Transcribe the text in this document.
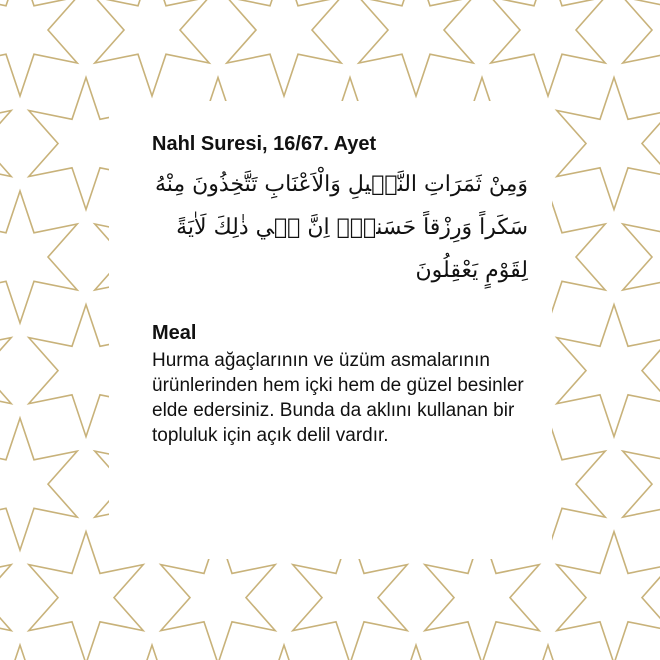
Nahl Suresi, 16/67. Ayet

وَمِنْ ثَمَرَاتِ النَّخ۪يلِ وَالْاَعْنَابِ تَتَّخِذُونَ مِنْهُ سَكَراً وَرِزْقاً حَسَناًۜ اِنَّ ف۪ي ذٰلِكَ لَاٰيَةً لِقَوْمٍ يَعْقِلُونَ

Meal

Hurma ağaçlarının ve üzüm asmalarının ürünlerinden hem içki hem de güzel besinler elde edersiniz. Bunda da aklını kullanan bir topluluk için açık delil vardır.
